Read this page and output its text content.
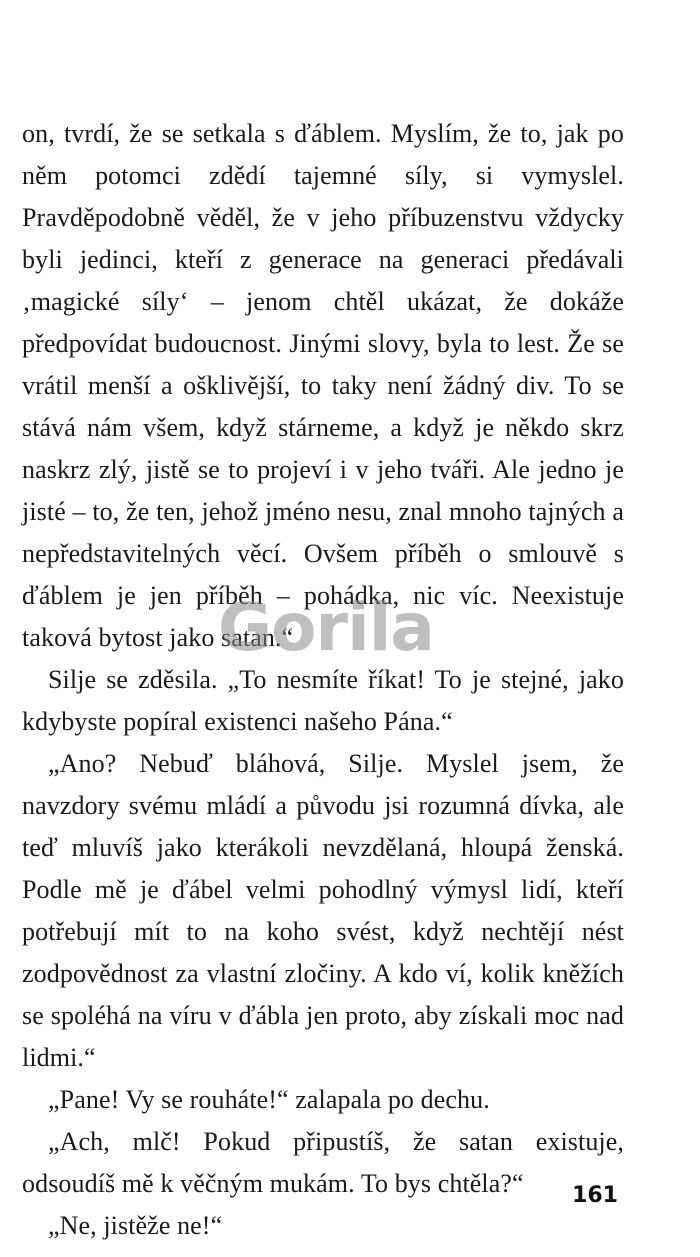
on, tvrdí, že se setkala s ďáblem. Myslím, že to, jak po něm potomci zdědí tajemné síly, si vymyslel. Pravděpodobně věděl, že v jeho příbuzenstvu vždycky byli jedinci, kteří z generace na generaci předávali ‚magické síly‘ – jenom chtěl ukázat, že dokáže předpovídat budoucnost. Jinými slovy, byla to lest. Že se vrátil menší a ošklivější, to taky není žádný div. To se stává nám všem, když stárneme, a když je někdo skrz naskrz zlý, jistě se to projeví i v jeho tváři. Ale jedno je jisté – to, že ten, jehož jméno nesu, znal mnoho tajných a nepředstavitelných věcí. Ovšem příběh o smlouvě s ďáblem je jen příběh – pohádka, nic víc. Neexistuje taková bytost jako satan.“

Silje se zděsila. „To nesmíte říkat! To je stejné, jako kdybyste popíral existenci našeho Pána.“

„Ano? Nebuď bláhová, Silje. Myslel jsem, že navzdory svému mládí a původu jsi rozumná dívka, ale teď mluvíš jako kterákoli nevzdělaná, hloupá ženská. Podle mě je ďábel velmi pohodlný výmysl lidí, kteří potřebují mít to na koho svést, když nechtějí nést zodpovědnost za vlastní zločiny. A kdo ví, kolik kněžích se spoléhá na víru v ďábla jen proto, aby získali moc nad lidmi.“

„Pane! Vy se rouháte!“ zalapala po dechu.

„Ach, mlč! Pokud připustíš, že satan existuje, odsoudíš mě k věčným mukám. To bys chtěla?“

„Ne, jistěže ne!“

Gorila
161
